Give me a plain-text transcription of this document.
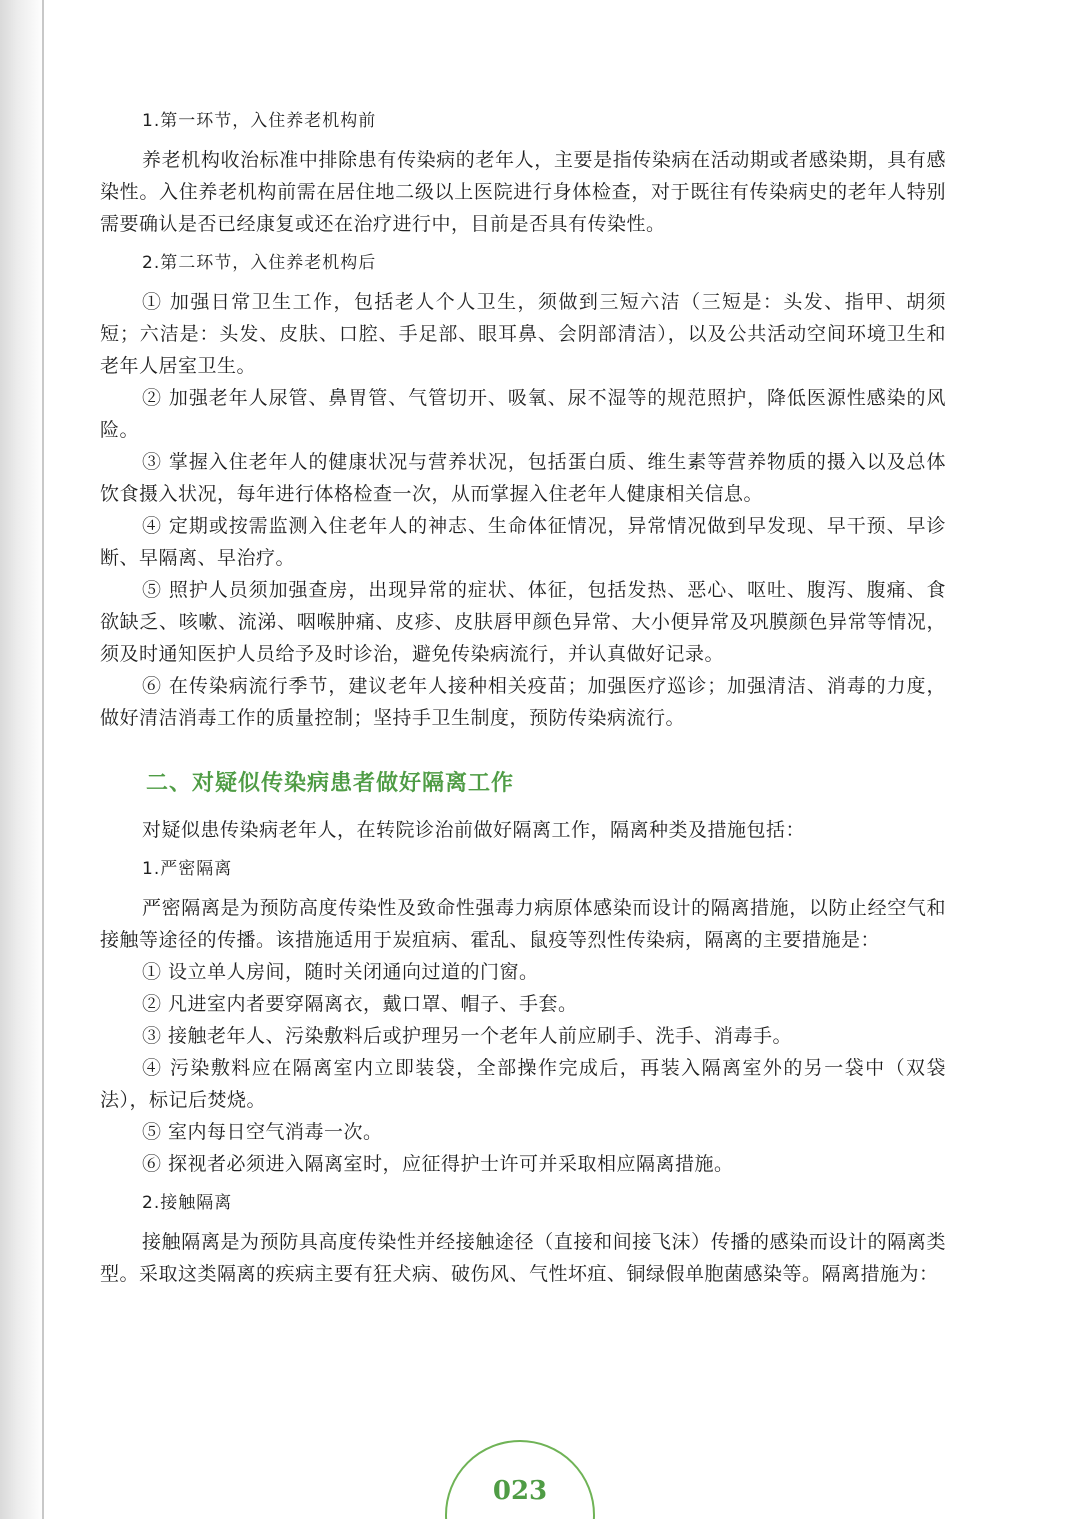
1.第一环节，入住养老机构前

养老机构收治标准中排除患有传染病的老年人，主要是指传染病在活动期或者感染期，具有感染性。入住养老机构前需在居住地二级以上医院进行身体检查，对于既往有传染病史的老年人特别需要确认是否已经康复或还在治疗进行中，目前是否具有传染性。

2.第二环节，入住养老机构后

① 加强日常卫生工作，包括老人个人卫生，须做到三短六洁（三短是：头发、指甲、胡须短；六洁是：头发、皮肤、口腔、手足部、眼耳鼻、会阴部清洁），以及公共活动空间环境卫生和老年人居室卫生。

② 加强老年人尿管、鼻胃管、气管切开、吸氧、尿不湿等的规范照护，降低医源性感染的风险。

③ 掌握入住老年人的健康状况与营养状况，包括蛋白质、维生素等营养物质的摄入以及总体饮食摄入状况，每年进行体格检查一次，从而掌握入住老年人健康相关信息。

④ 定期或按需监测入住老年人的神志、生命体征情况，异常情况做到早发现、早干预、早诊断、早隔离、早治疗。

⑤ 照护人员须加强查房，出现异常的症状、体征，包括发热、恶心、呕吐、腹泻、腹痛、食欲缺乏、咳嗽、流涕、咽喉肿痛、皮疹、皮肤唇甲颜色异常、大小便异常及巩膜颜色异常等情况，须及时通知医护人员给予及时诊治，避免传染病流行，并认真做好记录。

⑥ 在传染病流行季节，建议老年人接种相关疫苗；加强医疗巡诊；加强清洁、消毒的力度，做好清洁消毒工作的质量控制；坚持手卫生制度，预防传染病流行。

二、对疑似传染病患者做好隔离工作

对疑似患传染病老年人，在转院诊治前做好隔离工作，隔离种类及措施包括：

1.严密隔离

严密隔离是为预防高度传染性及致命性强毒力病原体感染而设计的隔离措施，以防止经空气和接触等途径的传播。该措施适用于炭疽病、霍乱、鼠疫等烈性传染病，隔离的主要措施是：

① 设立单人房间，随时关闭通向过道的门窗。

② 凡进室内者要穿隔离衣，戴口罩、帽子、手套。

③ 接触老年人、污染敷料后或护理另一个老年人前应刷手、洗手、消毒手。

④ 污染敷料应在隔离室内立即装袋，全部操作完成后，再装入隔离室外的另一袋中（双袋法），标记后焚烧。

⑤ 室内每日空气消毒一次。

⑥ 探视者必须进入隔离室时，应征得护士许可并采取相应隔离措施。

2.接触隔离

接触隔离是为预防具高度传染性并经接触途径（直接和间接飞沫）传播的感染而设计的隔离类型。采取这类隔离的疾病主要有狂犬病、破伤风、气性坏疽、铜绿假单胞菌感染等。隔离措施为：

023
